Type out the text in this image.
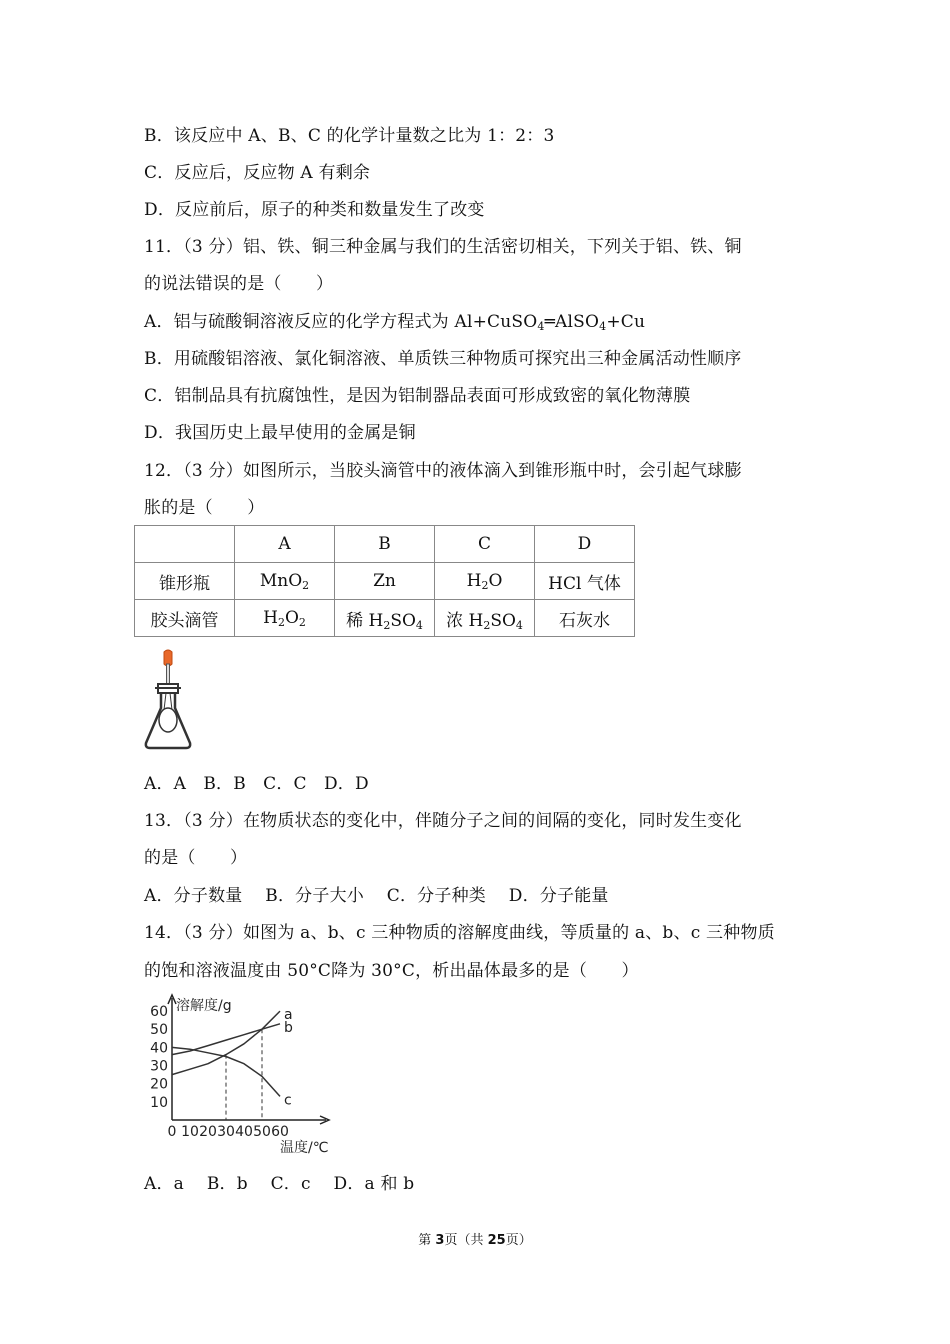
B．该反应中 A、B、C 的化学计量数之比为 1：2：3
C．反应后，反应物 A 有剩余
D．反应前后，原子的种类和数量发生了改变
11．（3 分）铝、铁、铜三种金属与我们的生活密切相关，下列关于铝、铁、铜
的说法错误的是（　　）
A．铝与硫酸铜溶液反应的化学方程式为 Al+CuSO$_4$═AlSO$_4$+Cu
B．用硫酸铝溶液、氯化铜溶液、单质铁三种物质可探究出三种金属活动性顺序
C．铝制品具有抗腐蚀性，是因为铝制器品表面可形成致密的氧化物薄膜
D．我国历史上最早使用的金属是铜
12．（3 分）如图所示，当胶头滴管中的液体滴入到锥形瓶中时，会引起气球膨
胀的是（　　）
	A	B	C	D
锥形瓶	MnO$_2$	Zn	$H_2O$	HCl 气体
胶头滴管	$H_2O_2$	稀 $H_2SO_4$	浓 $H_2SO_4$	石灰水
A．A　B．B　C．C　D．D
13．（3 分）在物质状态的变化中，伴随分子之间的间隔的变化，同时发生变化
的是（　　）
A．分子数量　 B．分子大小　 C．分子种类　 D．分子能量
14．（3 分）如图为 a、b、c 三种物质的溶解度曲线，等质量的 a、b、c 三种物质
的饱和溶液温度由 50°C降为 30°C，析出晶体最多的是（　　）
溶解度/g
温度/℃
10
20
30
40
50
60
0 10 20 30 40 50 60
a
b
c
A．a　 B．b　 C．c　 D．a 和 b
第 3页（共 25页）
